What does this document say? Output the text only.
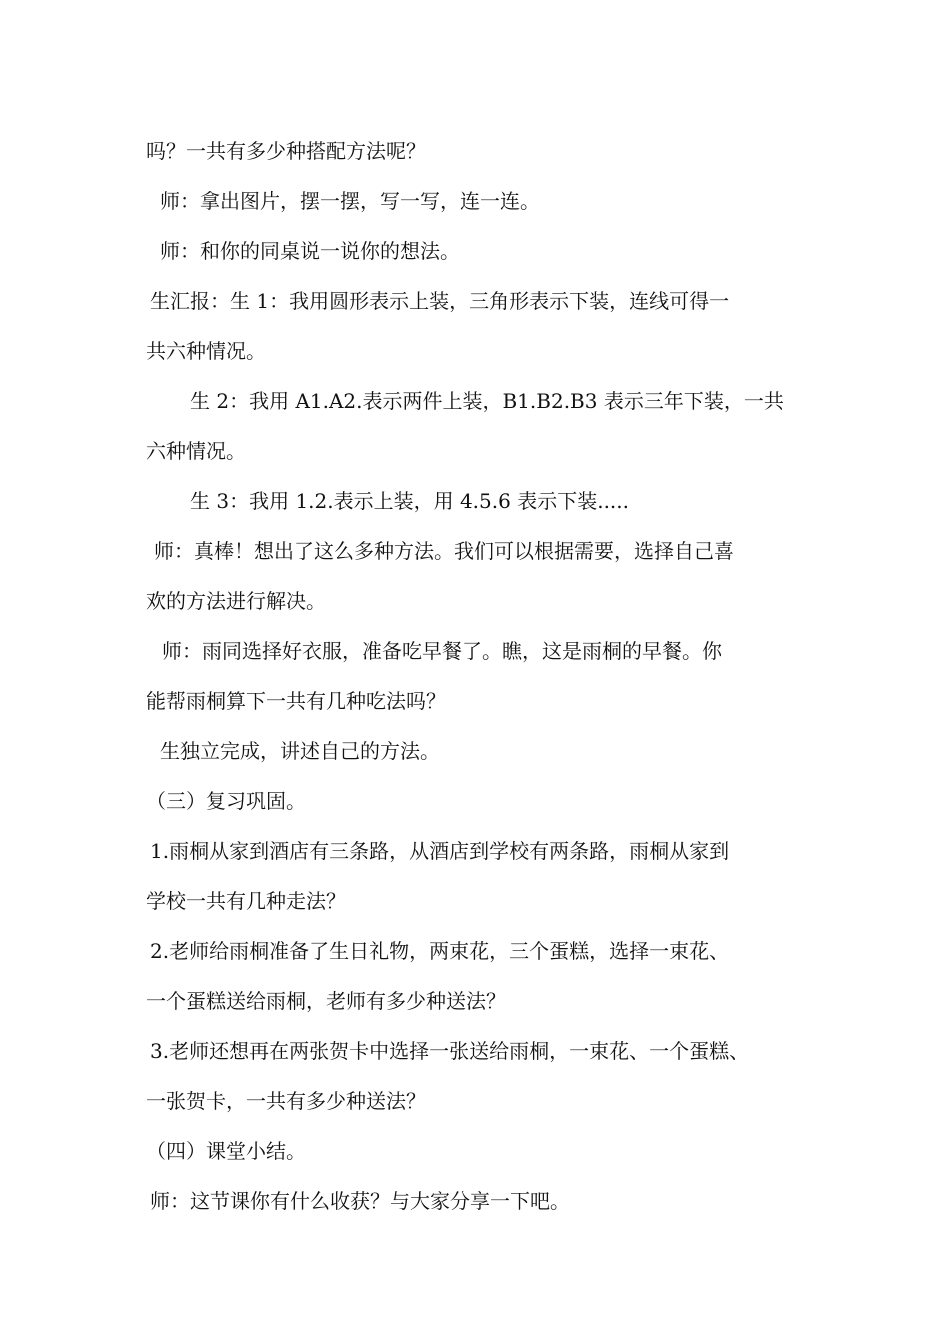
吗？一共有多少种搭配方法呢？
师：拿出图片，摆一摆，写一写，连一连。
师：和你的同桌说一说你的想法。
生汇报：生 1：我用圆形表示上装，三角形表示下装，连线可得一
共六种情况。
生 2：我用 A1.A2.表示两件上装，B1.B2.B3 表示三年下装，一共
六种情况。
生 3：我用 1.2.表示上装，用 4.5.6 表示下装.....
师：真棒！想出了这么多种方法。我们可以根据需要，选择自己喜
欢的方法进行解决。
师：雨同选择好衣服，准备吃早餐了。瞧，这是雨桐的早餐。你
能帮雨桐算下一共有几种吃法吗？
生独立完成，讲述自己的方法。
（三）复习巩固。
1.雨桐从家到酒店有三条路，从酒店到学校有两条路，雨桐从家到
学校一共有几种走法？
2.老师给雨桐准备了生日礼物，两束花，三个蛋糕，选择一束花、
一个蛋糕送给雨桐，老师有多少种送法？
3.老师还想再在两张贺卡中选择一张送给雨桐，一束花、一个蛋糕、
一张贺卡，一共有多少种送法？
（四）课堂小结。
师：这节课你有什么收获？与大家分享一下吧。
